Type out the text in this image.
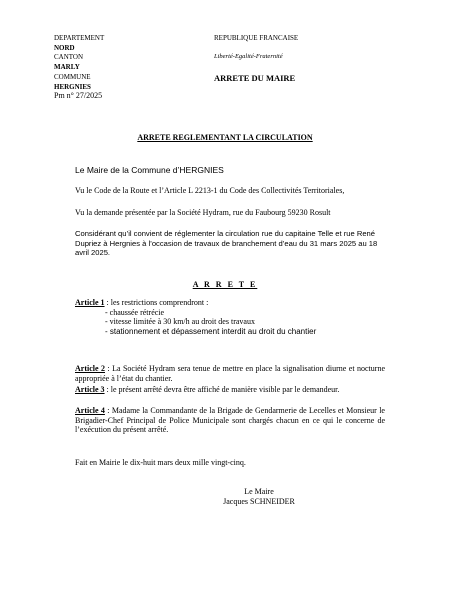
DEPARTEMENT
NORD
CANTON
MARLY
COMMUNE
HERGNIES
REPUBLIQUE FRANCAISE
Liberté-Egalité-Fraternité
ARRETE DU MAIRE
Pm n° 27/2025
ARRETE REGLEMENTANT LA CIRCULATION
Le Maire de la Commune d’HERGNIES
Vu le Code de la Route et l’Article L 2213-1 du Code des Collectivités Territoriales,
Vu la demande présentée par la Société Hydram, rue du Faubourg 59230 Rosult
Considérant qu’il convient de réglementer la circulation rue du capitaine Telle et rue René Dupriez à Hergnies à l’occasion de travaux de branchement d’eau du 31 mars 2025 au 18 avril 2025.
A R R E T E
Article 1 : les restrictions comprendront :
- chaussée rétrécie
- vitesse limitée à 30 km/h au droit des travaux
- stationnement et dépassement interdit au droit du chantier
Article 2 : La Société Hydram sera tenue de mettre en place la signalisation diurne et nocturne appropriée à l’état du chantier.
Article 3 : le présent arrêté devra être affiché de manière visible par le demandeur.
Article 4 : Madame la Commandante de la Brigade de Gendarmerie de Lecelles et Monsieur le Brigadier-Chef Principal de Police Municipale sont chargés chacun en ce qui le concerne de l’exécution du présent arrêté.
Fait en Mairie le dix-huit mars deux mille vingt-cinq.
Le Maire
Jacques SCHNEIDER
